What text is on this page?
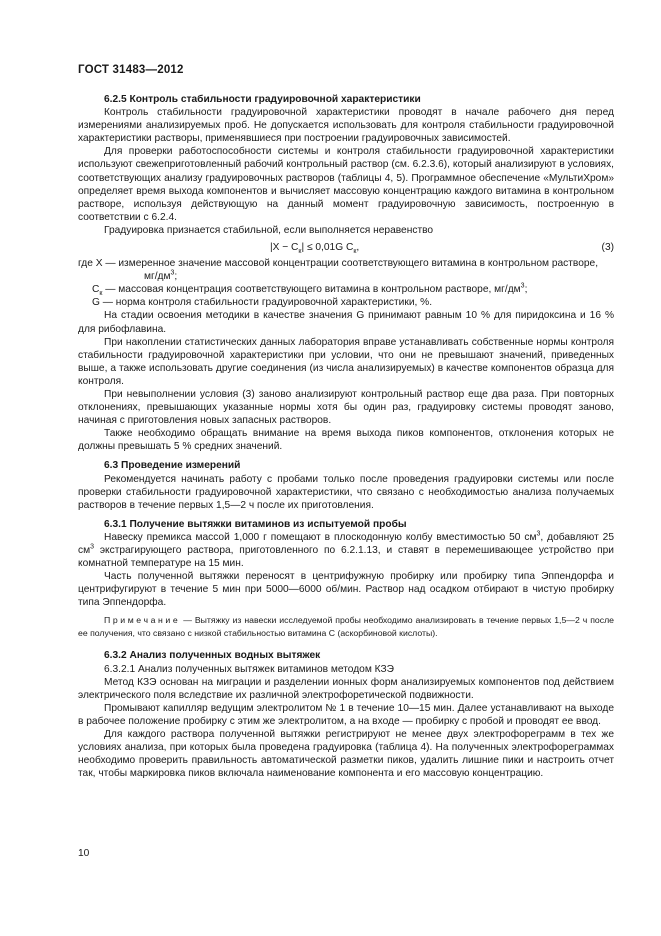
ГОСТ 31483—2012

6.2.5 Контроль стабильности градуировочной характеристики

Контроль стабильности градуировочной характеристики проводят в начале рабочего дня перед измерениями анализируемых проб. Не допускается использовать для контроля стабильности градуировочной характеристики растворы, применявшиеся при построении градуировочных зависимостей.

Для проверки работоспособности системы и контроля стабильности градуировочной характеристики используют свежеприготовленный рабочий контрольный раствор (см. 6.2.3.6), который анализируют в условиях, соответствующих анализу градуировочных растворов (таблицы 4, 5). Программное обеспечение «МультиХром» определяет время выхода компонентов и вычисляет массовую концентрацию каждого витамина в контрольном растворе, используя действующую на данный момент градуировочную зависимость, построенную в соответствии с 6.2.4.

Градуировка признается стабильной, если выполняется неравенство

$|X - C_к| \le 0,01G$ $C_к$,	(3)

где X — измеренное значение массовой концентрации соответствующего витамина в контрольном растворе, $мг/дм^3$;

$C_к$ — массовая концентрация соответствующего витамина в контрольном растворе, $мг/дм^3$;

G — норма контроля стабильности градуировочной характеристики, %.

На стадии освоения методики в качестве значения G принимают равным 10 % для пиридоксина и 16 % для рибофлавина.

При накоплении статистических данных лаборатория вправе устанавливать собственные нормы контроля стабильности градуировочной характеристики при условии, что они не превышают значений, приведенных выше, а также использовать другие соединения (из числа анализируемых) в качестве компонентов образца для контроля.

При невыполнении условия (3) заново анализируют контрольный раствор еще два раза. При повторных отклонениях, превышающих указанные нормы хотя бы один раз, градуировку системы проводят заново, начиная с приготовления новых запасных растворов.

Также необходимо обращать внимание на время выхода пиков компонентов, отклонения которых не должны превышать 5 % средних значений.

6.3 Проведение измерений

Рекомендуется начинать работу с пробами только после проведения градуировки системы или после проверки стабильности градуировочной характеристики, что связано с необходимостью анализа получаемых растворов в течение первых 1,5—2 ч после их приготовления.

6.3.1 Получение вытяжки витаминов из испытуемой пробы

Навеску премикса массой 1,000 г помещают в плоскодонную колбу вместимостью 50 $см^3$, добавляют 25 $см^3$ экстрагирующего раствора, приготовленного по 6.2.1.13, и ставят в перемешивающее устройство при комнатной температуре на 15 мин.

Часть полученной вытяжки переносят в центрифужную пробирку или пробирку типа Эппендорфа и центрифугируют в течение 5 мин при 5000—6000 об/мин. Раствор над осадком отбирают в чистую пробирку типа Эппендорфа.

Примечание — Вытяжку из навески исследуемой пробы необходимо анализировать в течение первых 1,5—2 ч после ее получения, что связано с низкой стабильностью витамина С (аскорбиновой кислоты).

6.3.2 Анализ полученных водных вытяжек

6.3.2.1 Анализ полученных вытяжек витаминов методом КЗЭ

Метод КЗЭ основан на миграции и разделении ионных форм анализируемых компонентов под действием электрического поля вследствие их различной электрофоретической подвижности.

Промывают капилляр ведущим электролитом № 1 в течение 10—15 мин. Далее устанавливают на выходе в рабочее положение пробирку с этим же электролитом, а на входе — пробирку с пробой и проводят ее ввод.

Для каждого раствора полученной вытяжки регистрируют не менее двух электрофореграмм в тех же условиях анализа, при которых была проведена градуировка (таблица 4). На полученных электрофореграммах необходимо проверить правильность автоматической разметки пиков, удалить лишние пики и настроить отчет так, чтобы маркировка пиков включала наименование компонента и его массовую концентрацию.

10
